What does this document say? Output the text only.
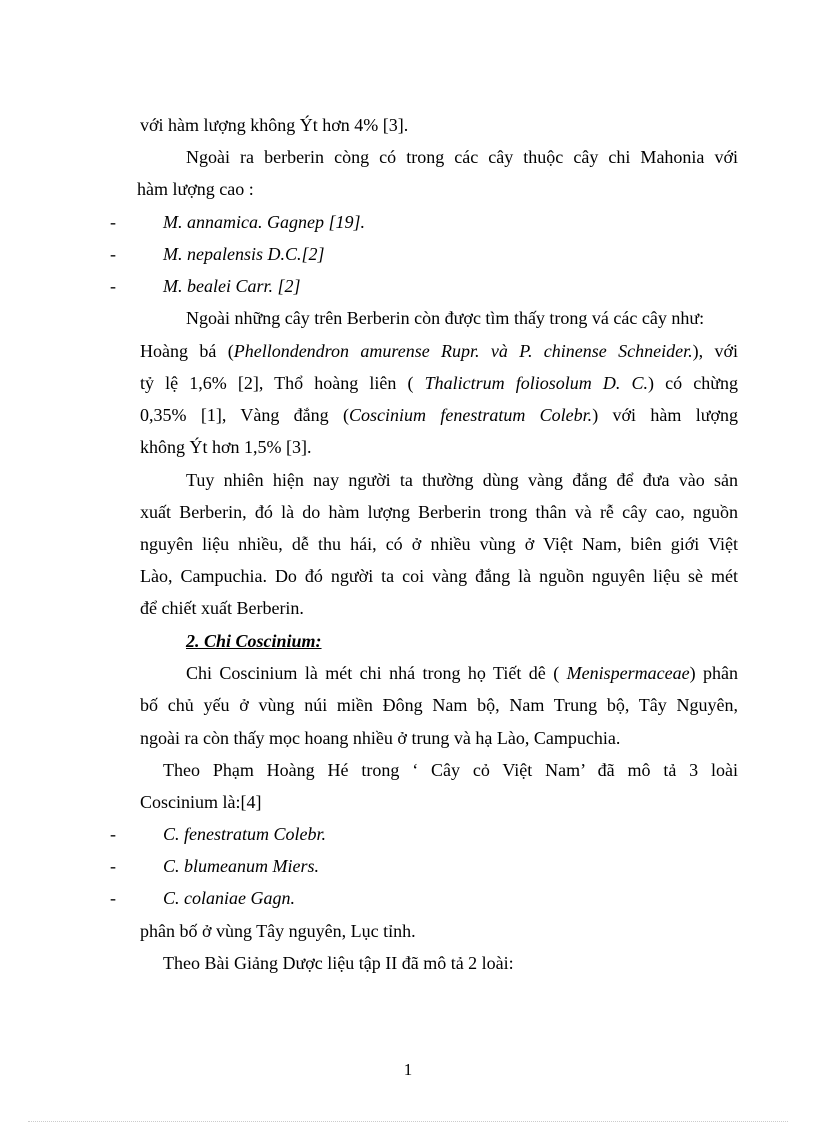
với hàm lượng không Ýt hơn 4% [3].
Ngoài ra berberin còng có trong các cây thuộc cây chi Mahonia với
hàm lượng cao :
-	M. annamica. Gagnep [19].
-	M. nepalensis D.C.[2]
-	M. bealei Carr. [2]
Ngoài những cây trên Berberin còn được tìm thấy trong vá các cây như:
Hoàng bá (Phellondendron amurense Rupr. và P. chinense Schneider.), với
tỷ lệ 1,6% [2], Thổ hoàng liên ( Thalictrum foliosolum D. C.) có chừng
0,35% [1], Vàng đắng (Coscinium fenestratum Colebr.) với hàm lượng
không Ýt hơn 1,5% [3].
Tuy nhiên hiện nay người ta thường dùng vàng đắng để đưa vào sản
xuất Berberin, đó là do hàm lượng Berberin trong thân và rễ cây cao, nguồn
nguyên liệu nhiều, dễ thu hái, có ở nhiều vùng ở Việt Nam, biên giới Việt
Lào, Campuchia. Do đó người ta coi vàng đắng là nguồn nguyên liệu sè mét
để chiết xuất Berberin.
2. Chi Coscinium:
Chi Coscinium là mét chi nhá trong họ Tiết dê ( Menispermaceae) phân
bố chủ yếu ở vùng núi miền Đông Nam bộ, Nam Trung bộ, Tây Nguyên,
ngoài ra còn thấy mọc hoang nhiều ở trung và hạ Lào, Campuchia.
Theo Phạm Hoàng Hé trong ‘ Cây cỏ Việt Nam’ đã mô tả 3 loài
Coscinium là:[4]
-	C. fenestratum Colebr.
-	C. blumeanum Miers.
-	C. colaniae Gagn.
phân bố ở vùng Tây nguyên, Lục tỉnh.
Theo Bài Giảng Dược liệu tập II đã mô tả 2 loài:
1
